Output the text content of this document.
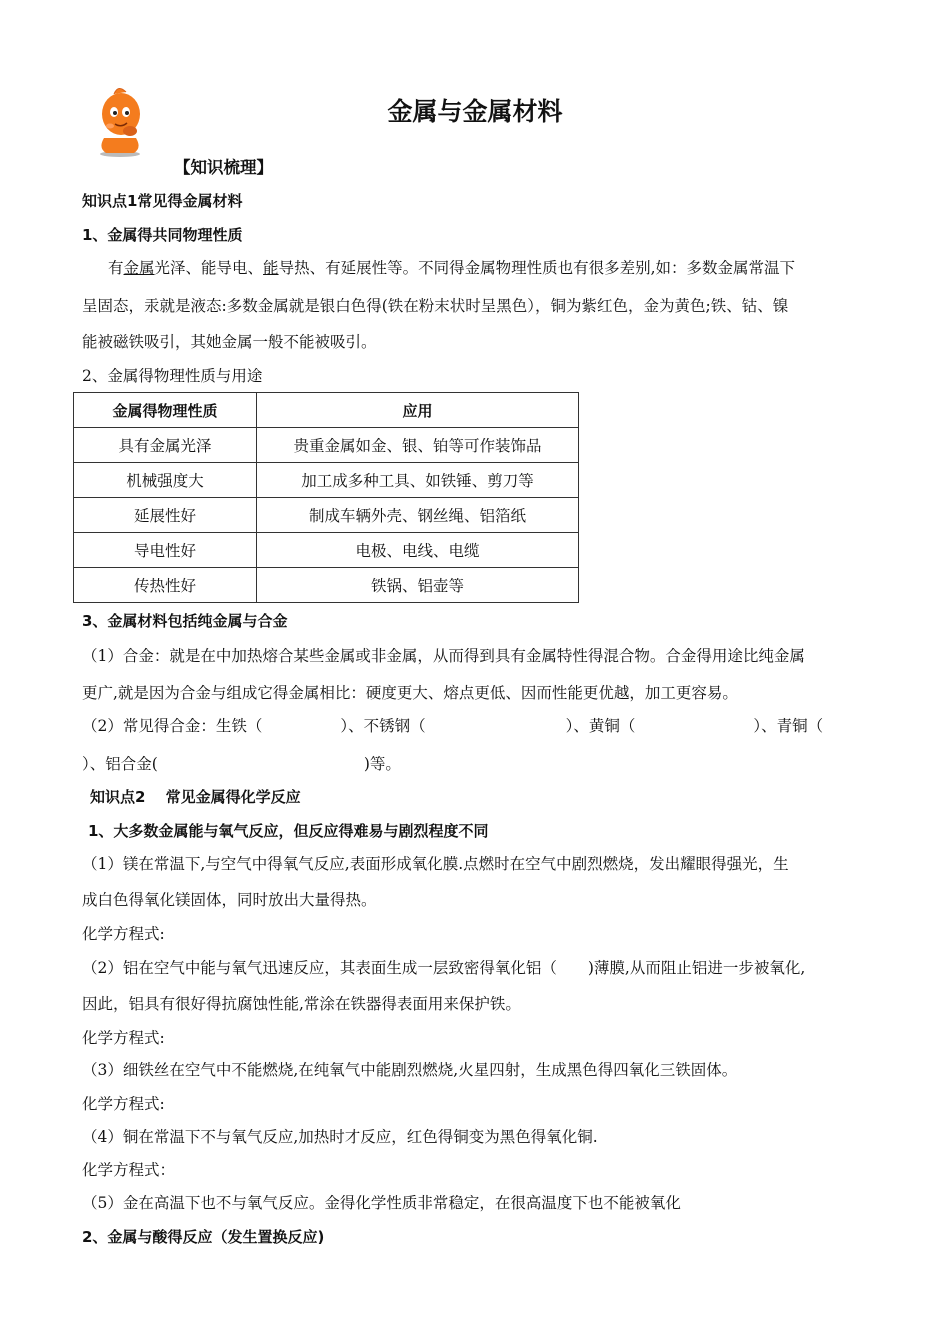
金属与金属材料
【知识梳理】
知识点1常见得金属材料
1、金属得共同物理性质
有金属光泽、能导电、能导热、有延展性等。不同得金属物理性质也有很多差别,如：多数金属常温下
呈固态，汞就是液态:多数金属就是银白色得(铁在粉末状时呈黑色），铜为紫红色，金为黄色;铁、钴、镍
能被磁铁吸引，其她金属一般不能被吸引。
2、金属得物理性质与用途
金属得物理性质	应用
具有金属光泽	贵重金属如金、银、铂等可作装饰品
机械强度大	加工成多种工具、如铁锤、剪刀等
延展性好	制成车辆外壳、钢丝绳、铝箔纸
导电性好	电极、电线、电缆
传热性好	铁锅、铝壶等
3、金属材料包括纯金属与合金
（1）合金：就是在中加热熔合某些金属或非金属，从而得到具有金属特性得混合物。合金得用途比纯金属
更广,就是因为合金与组成它得金属相比：硬度更大、熔点更低、因而性能更优越，加工更容易。
（2）常见得合金：生铁（	）、不锈钢（	）、黄铜（	）、青铜（
）、铝合金(	)等。
知识点2　 常见金属得化学反应
1、大多数金属能与氧气反应，但反应得难易与剧烈程度不同
（1）镁在常温下,与空气中得氧气反应,表面形成氧化膜.点燃时在空气中剧烈燃烧，发出耀眼得强光，生
成白色得氧化镁固体，同时放出大量得热。
化学方程式:
（2）铝在空气中能与氧气迅速反应，其表面生成一层致密得氧化铝（　　)薄膜,从而阻止铝进一步被氧化,
因此，铝具有很好得抗腐蚀性能,常涂在铁器得表面用来保护铁。
化学方程式:
（3）细铁丝在空气中不能燃烧,在纯氧气中能剧烈燃烧,火星四射，生成黑色得四氧化三铁固体。
化学方程式:
（4）铜在常温下不与氧气反应,加热时才反应，红色得铜变为黑色得氧化铜.
化学方程式：
（5）金在高温下也不与氧气反应。金得化学性质非常稳定，在很高温度下也不能被氧化
2、金属与酸得反应（发生置换反应)
